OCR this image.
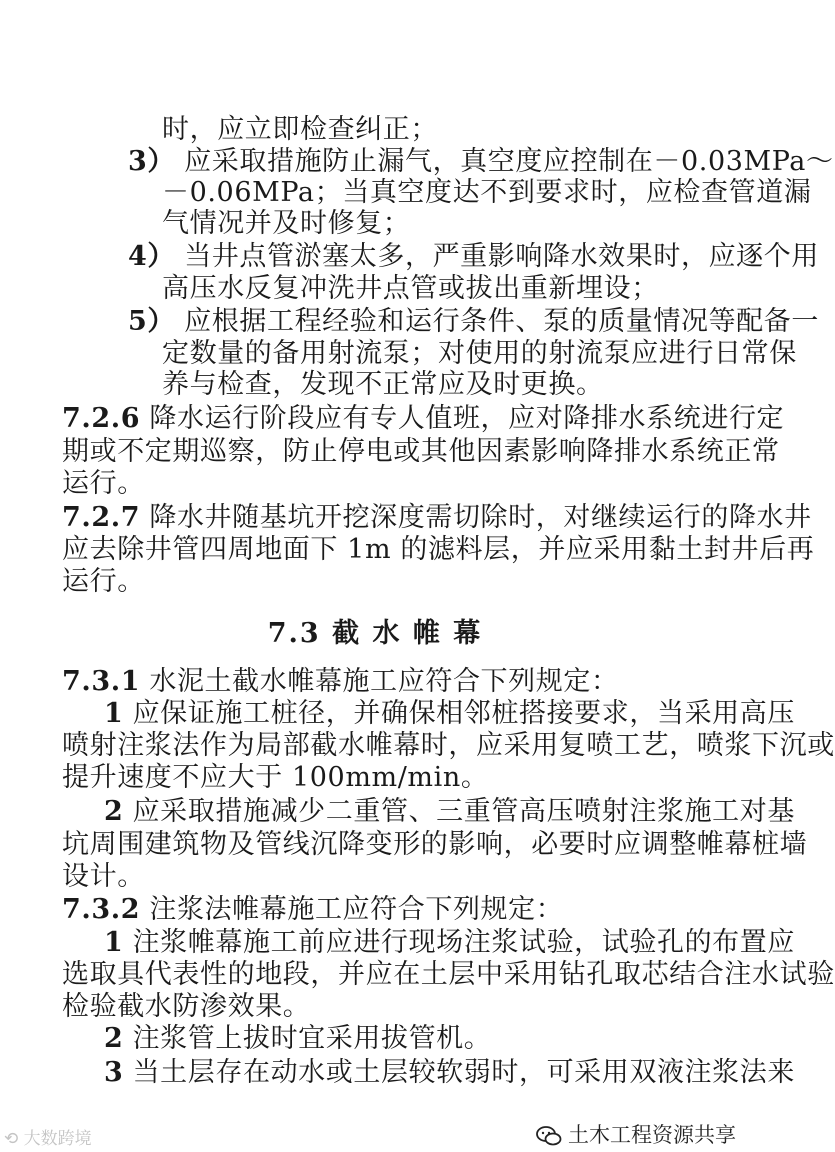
时，应立即检查纠正；
3） 应采取措施防止漏气，真空度应控制在－0.03MPa～
－0.06MPa；当真空度达不到要求时，应检查管道漏
气情况并及时修复；
4） 当井点管淤塞太多，严重影响降水效果时，应逐个用
高压水反复冲洗井点管或拔出重新埋设；
5） 应根据工程经验和运行条件、泵的质量情况等配备一
定数量的备用射流泵；对使用的射流泵应进行日常保
养与检查，发现不正常应及时更换。
7.2.6 降水运行阶段应有专人值班，应对降排水系统进行定
期或不定期巡察，防止停电或其他因素影响降排水系统正常
运行。
7.2.7 降水井随基坑开挖深度需切除时，对继续运行的降水井
应去除井管四周地面下 1m 的滤料层，并应采用黏土封井后再
运行。
7.3 截 水 帷 幕
7.3.1 水泥土截水帷幕施工应符合下列规定：
1 应保证施工桩径，并确保相邻桩搭接要求，当采用高压
喷射注浆法作为局部截水帷幕时，应采用复喷工艺，喷浆下沉或
提升速度不应大于 100mm/min。
2 应采取措施减少二重管、三重管高压喷射注浆施工对基
坑周围建筑物及管线沉降变形的影响，必要时应调整帷幕桩墙
设计。
7.3.2 注浆法帷幕施工应符合下列规定：
1 注浆帷幕施工前应进行现场注浆试验，试验孔的布置应
选取具代表性的地段，并应在土层中采用钻孔取芯结合注水试验
检验截水防渗效果。
2 注浆管上拔时宜采用拔管机。
3 当土层存在动水或土层较软弱时，可采用双液注浆法来
⟲ 大数跨境	土木工程资源共享
